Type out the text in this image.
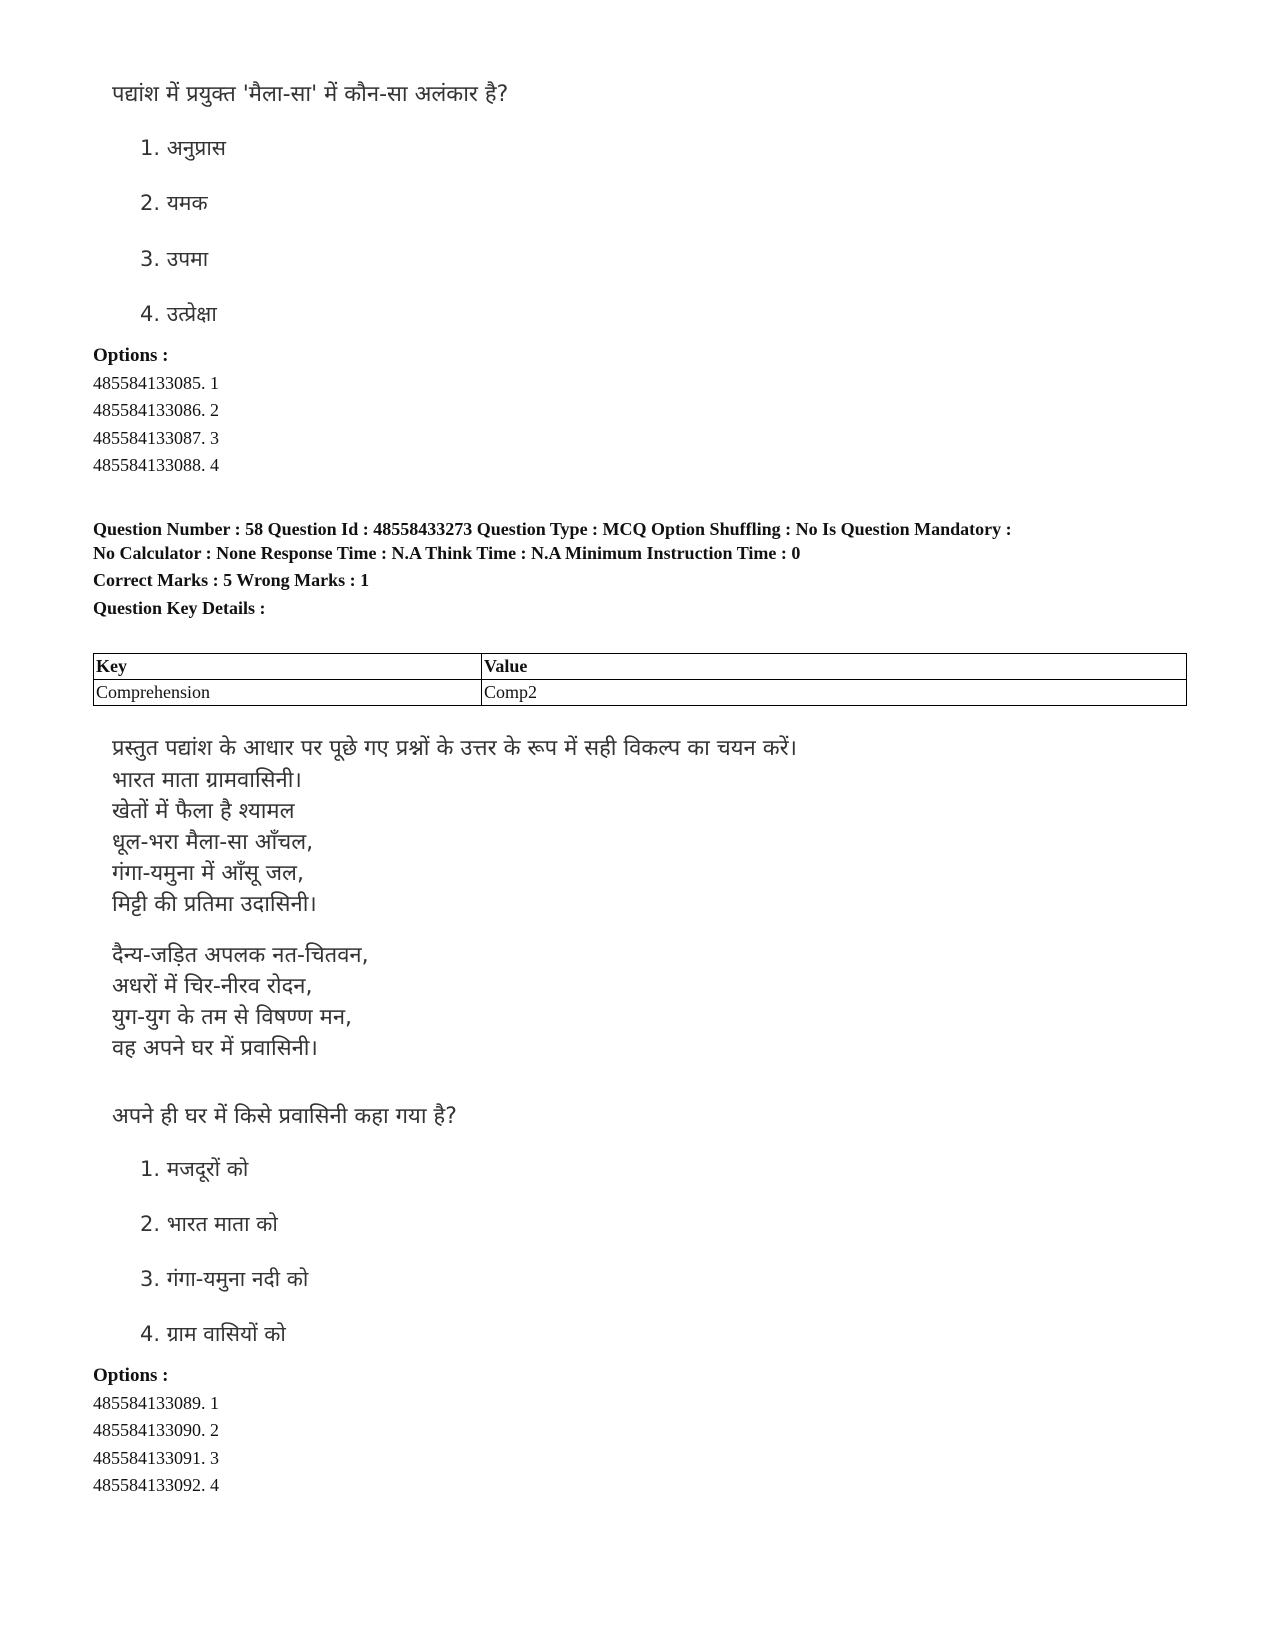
पद्यांश में प्रयुक्त 'मैला-सा' में कौन-सा अलंकार है?
1. अनुप्रास
2. यमक
3. उपमा
4. उत्प्रेक्षा
Options :
485584133085. 1
485584133086. 2
485584133087. 3
485584133088. 4
Question Number : 58 Question Id : 48558433273 Question Type : MCQ Option Shuffling : No Is Question Mandatory :
No Calculator : None Response Time : N.A Think Time : N.A Minimum Instruction Time : 0
Correct Marks : 5 Wrong Marks : 1
Question Key Details :
Key	Value
Comprehension	Comp2
प्रस्तुत पद्यांश के आधार पर पूछे गए प्रश्नों के उत्तर के रूप में सही विकल्प का चयन करें।
भारत माता ग्रामवासिनी।
खेतों में फैला है श्यामल
धूल-भरा मैला-सा आँचल,
गंगा-यमुना में आँसू जल,
मिट्टी की प्रतिमा उदासिनी।
दैन्य-जड़ित अपलक नत-चितवन,
अधरों में चिर-नीरव रोदन,
युग-युग के तम से विषण्ण मन,
वह अपने घर में प्रवासिनी।
अपने ही घर में किसे प्रवासिनी कहा गया है?
1. मजदूरों को
2. भारत माता को
3. गंगा-यमुना नदी को
4. ग्राम वासियों को
Options :
485584133089. 1
485584133090. 2
485584133091. 3
485584133092. 4
